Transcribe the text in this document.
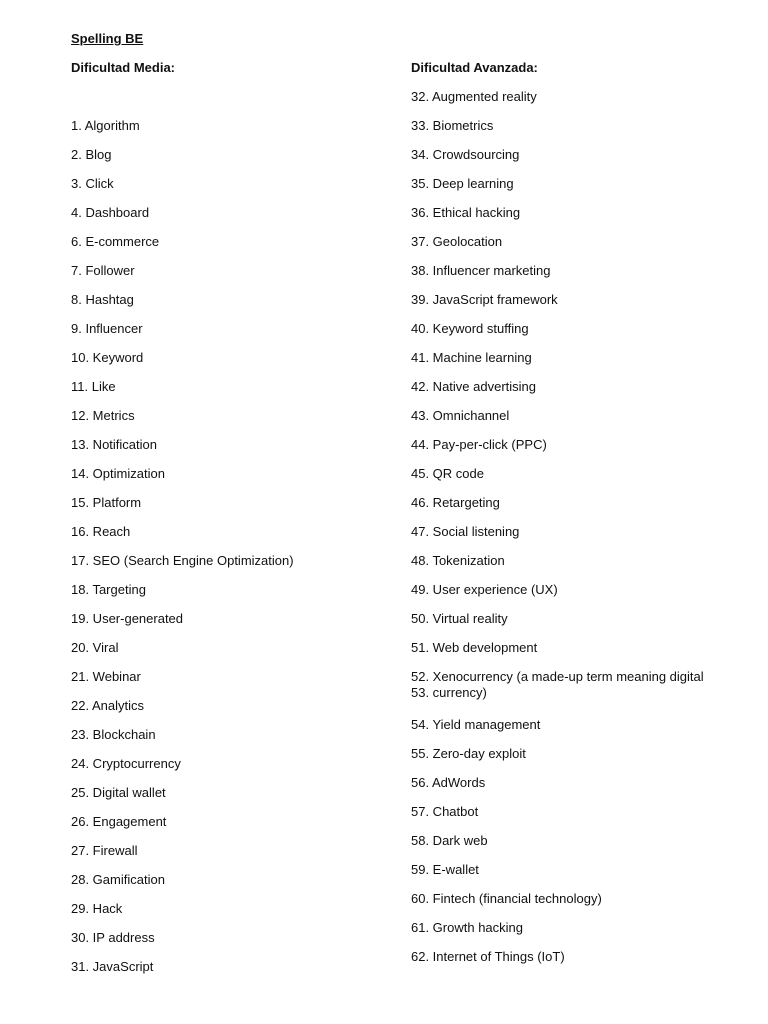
Spelling BE
Dificultad Media:	Dificultad Avanzada:
1. Algorithm
2. Blog
3. Click
4. Dashboard
6. E-commerce
7. Follower
8. Hashtag
9. Influencer
10. Keyword
11. Like
12. Metrics
13. Notification
14. Optimization
15. Platform
16. Reach
17. SEO (Search Engine Optimization)
18. Targeting
19. User-generated
20. Viral
21. Webinar
22. Analytics
23. Blockchain
24. Cryptocurrency
25. Digital wallet
26. Engagement
27. Firewall
28. Gamification
29. Hack
30. IP address
31. JavaScript
32. Augmented reality
33. Biometrics
34. Crowdsourcing
35. Deep learning
36. Ethical hacking
37. Geolocation
38. Influencer marketing
39. JavaScript framework
40. Keyword stuffing
41. Machine learning
42. Native advertising
43. Omnichannel
44. Pay-per-click (PPC)
45. QR code
46. Retargeting
47. Social listening
48. Tokenization
49. User experience (UX)
50. Virtual reality
51. Web development
52. Xenocurrency (a made-up term meaning digital
53. currency)
54. Yield management
55. Zero-day exploit
56. AdWords
57. Chatbot
58. Dark web
59. E-wallet
60. Fintech (financial technology)
61. Growth hacking
62. Internet of Things (IoT)
